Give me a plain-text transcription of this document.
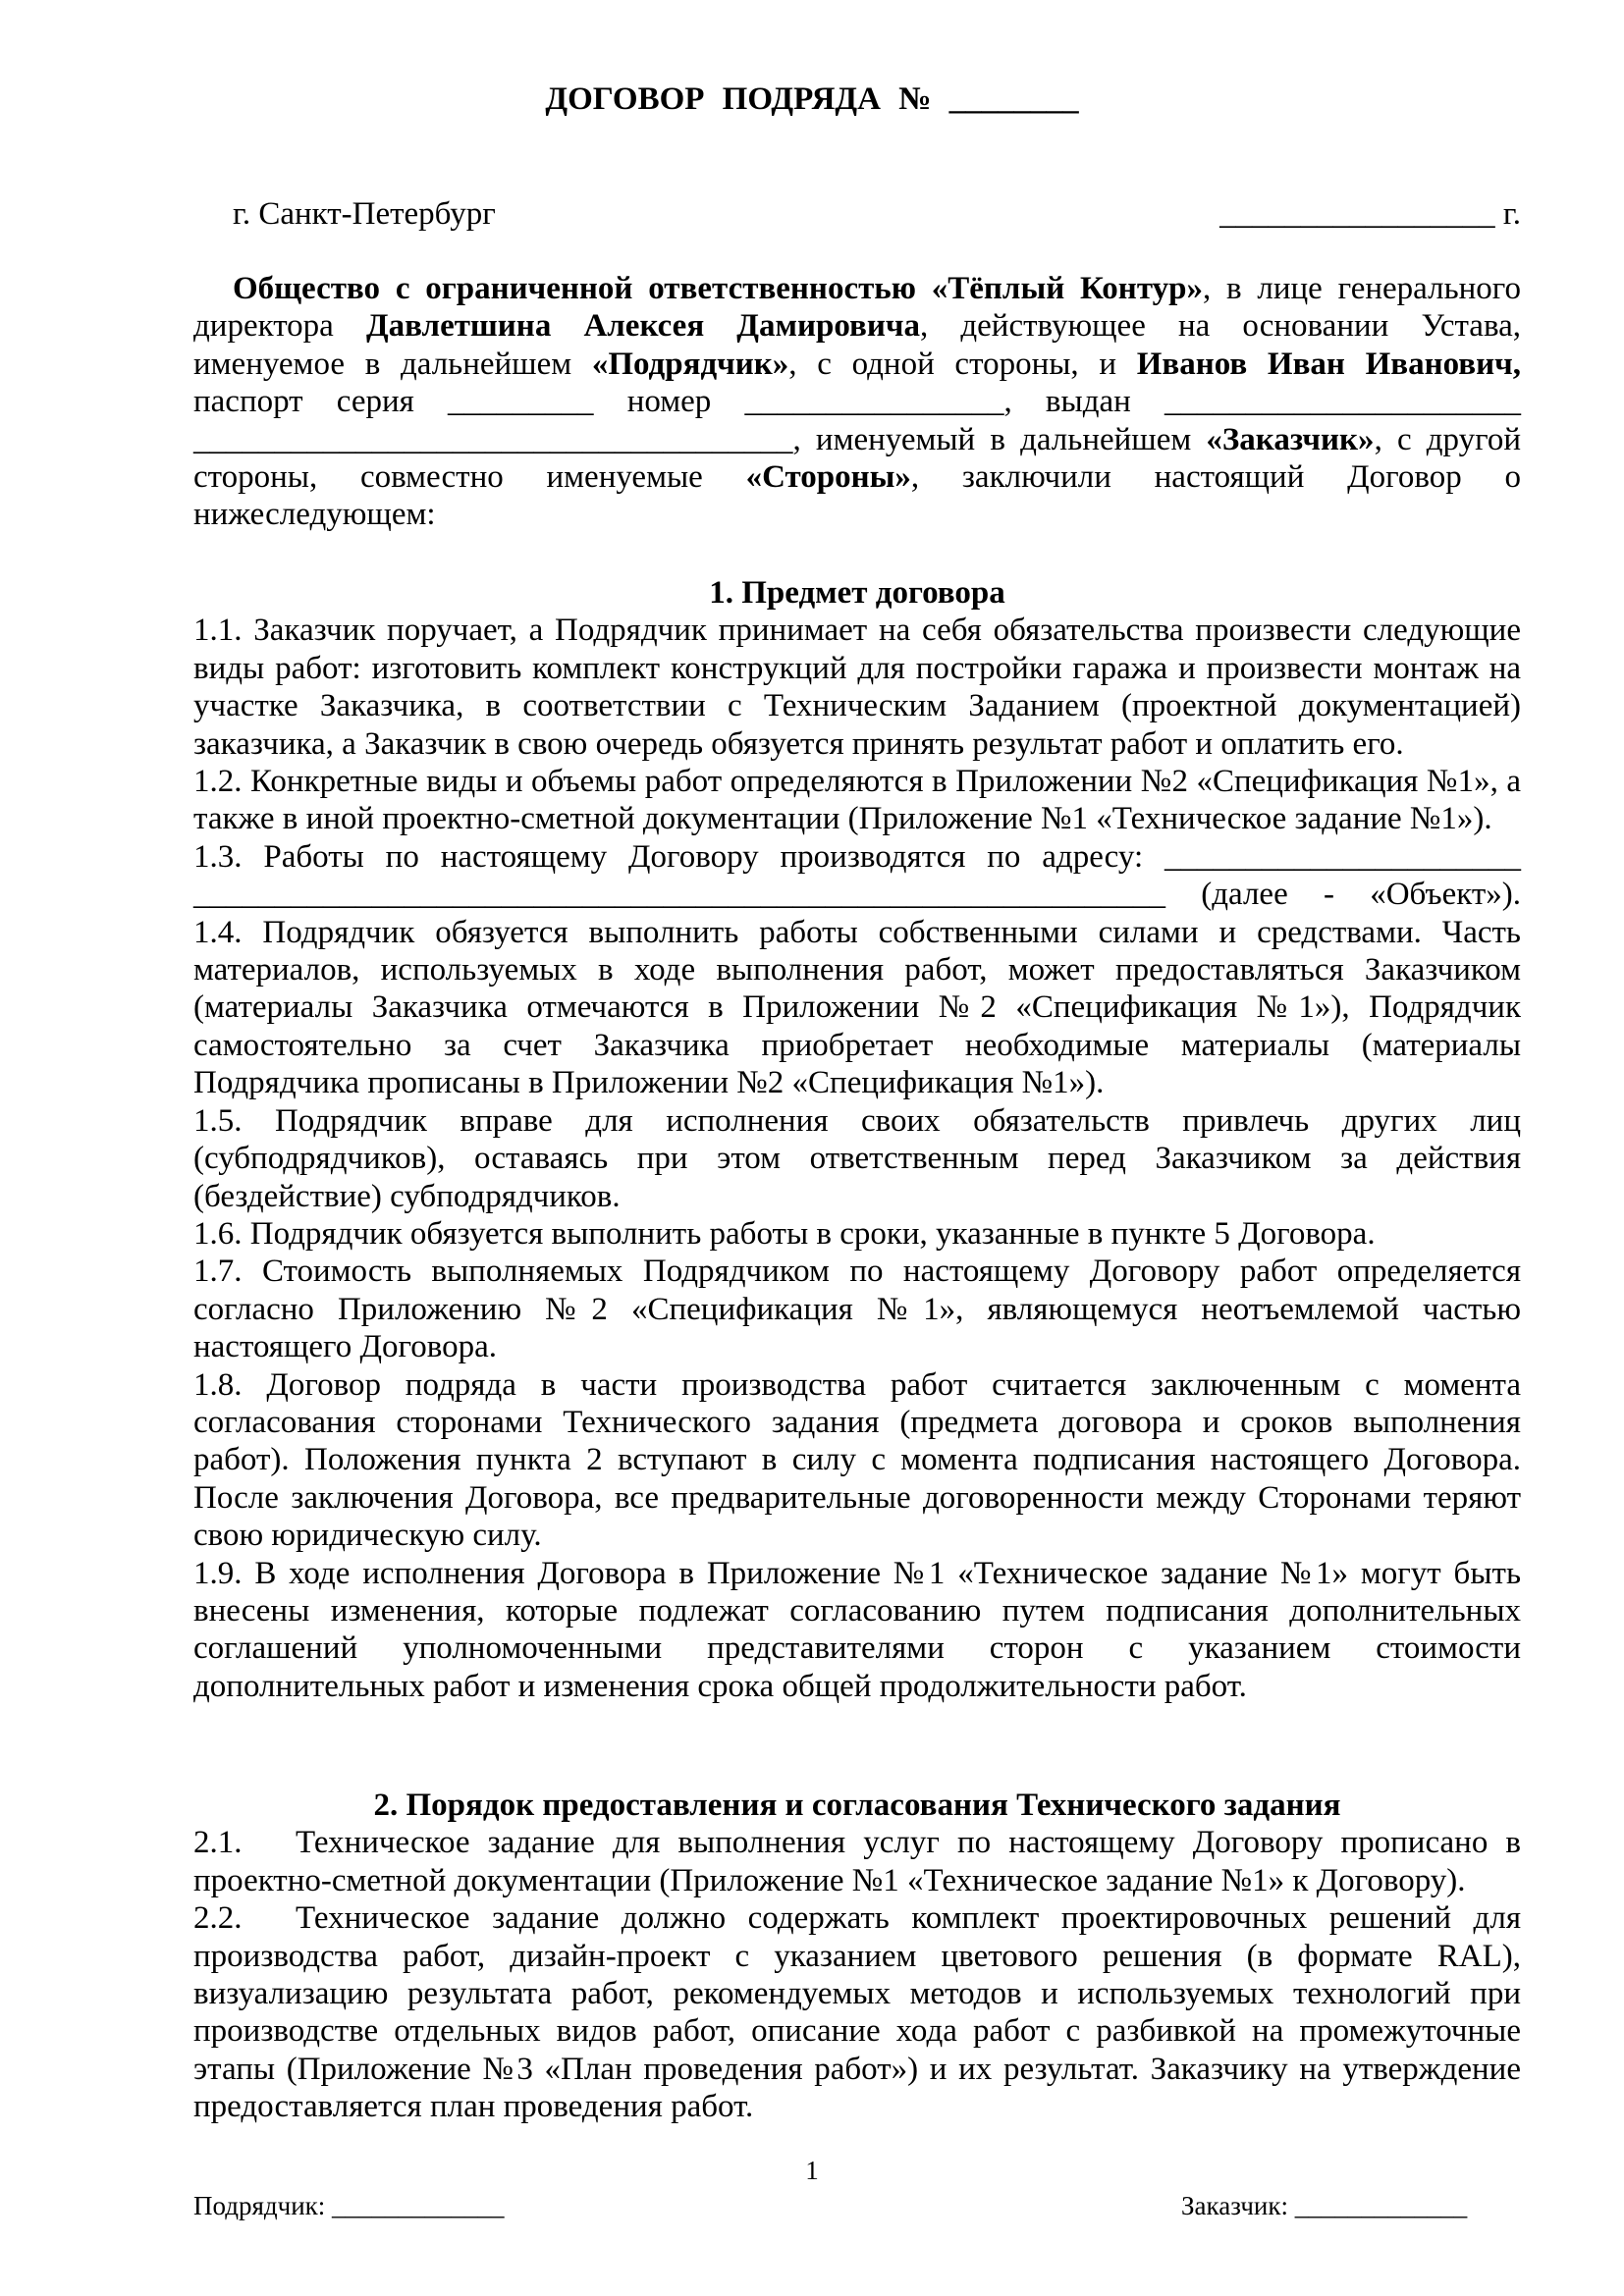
ДОГОВОР ПОДРЯДА № ________
г. Санкт-Петербург	_________________ г.
Общество с ограниченной ответственностью «Тёплый Контур», в лице генерального
директора Давлетшина Алексея Дамировича, действующее на основании Устава,
именуемое в дальнейшем «Подрядчик», с одной стороны, и Иванов Иван Иванович,
паспорт серия _________ номер ________________, выдан ______________________
_____________________________________, именуемый в дальнейшем «Заказчик», с другой
стороны, совместно именуемые «Стороны», заключили настоящий Договор о
нижеследующем:
1. Предмет договора

1.1. Заказчик поручает, а Подрядчик принимает на себя обязательства произвести следующие виды работ: изготовить комплект конструкций для постройки гаража и произвести монтаж на участке Заказчика, в соответствии с Техническим Заданием (проектной документацией) заказчика, а Заказчик в свою очередь обязуется принять результат работ и оплатить его.

1.2. Конкретные виды и объемы работ определяются в Приложении №2 «Спецификация №1», а также в иной проектно-сметной документации (Приложение №1 «Техническое задание №1»).

1.3. Работы по настоящему Договору производятся по адресу: ______________________
____________________________________________________________ (далее - «Объект»).

1.4. Подрядчик обязуется выполнить работы собственными силами и средствами. Часть материалов, используемых в ходе выполнения работ, может предоставляться Заказчиком (материалы Заказчика отмечаются в Приложении №2 «Спецификация №1»), Подрядчик самостоятельно за счет Заказчика приобретает необходимые материалы (материалы Подрядчика прописаны в Приложении №2 «Спецификация №1»).

1.5. Подрядчик вправе для исполнения своих обязательств привлечь других лиц (субподрядчиков), оставаясь при этом ответственным перед Заказчиком за действия (бездействие) субподрядчиков.

1.6. Подрядчик обязуется выполнить работы в сроки, указанные в пункте 5 Договора.

1.7. Стоимость выполняемых Подрядчиком по настоящему Договору работ определяется согласно Приложению №2 «Спецификация №1», являющемуся неотъемлемой частью настоящего Договора.

1.8. Договор подряда в части производства работ считается заключенным с момента согласования сторонами Технического задания (предмета договора и сроков выполнения работ). Положения пункта 2 вступают в силу с момента подписания настоящего Договора. После заключения Договора, все предварительные договоренности между Сторонами теряют свою юридическую силу.

1.9. В ходе исполнения Договора в Приложение №1 «Техническое задание №1» могут быть внесены изменения, которые подлежат согласованию путем подписания дополнительных соглашений уполномоченными представителями сторон с указанием стоимости дополнительных работ и изменения срока общей продолжительности работ.

2. Порядок предоставления и согласования Технического задания

2.1. Техническое задание для выполнения услуг по настоящему Договору прописано в проектно-сметной документации (Приложение №1 «Техническое задание №1» к Договору).

2.2. Техническое задание должно содержать комплект проектировочных решений для производства работ, дизайн-проект с указанием цветового решения (в формате RAL), визуализацию результата работ, рекомендуемых методов и используемых технологий при производстве отдельных видов работ, описание хода работ с разбивкой на промежуточные этапы (Приложение №3 «План проведения работ») и их результат. Заказчику на утверждение предоставляется план проведения работ.

1
Подрядчик: _____________	Заказчик: _____________
